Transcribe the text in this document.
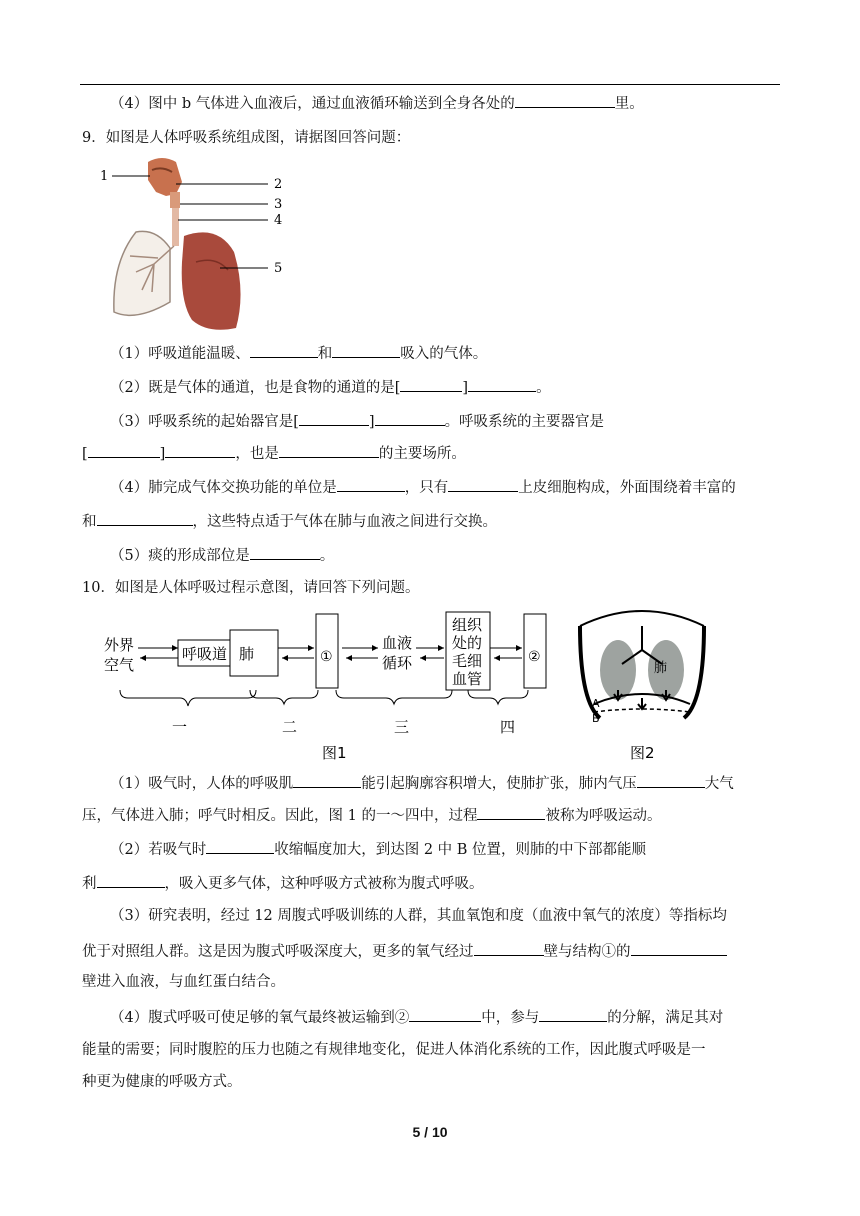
（4）图中 b 气体进入血液后，通过血液循环输送到全身各处的	里。
9．如图是人体呼吸系统组成图，请据图回答问题：
1
2
3
4
5
（1）呼吸道能温暖、	和	吸入的气体。
（2）既是气体的通道，也是食物的通道的是[	]	。
（3）呼吸系统的起始器官是[	]	。呼吸系统的主要器官是
[	]	，也是	的主要场所。
（4）肺完成气体交换功能的单位是	，只有	上皮细胞构成，外面围绕着丰富的
和	，这些特点适于气体在肺与血液之间进行交换。
（5）痰的形成部位是	。
10．如图是人体呼吸过程示意图，请回答下列问题。
外界
空气
呼吸道 肺	①
血液
循环
组织
处的
毛细
血管
②
一	二	三	四
图1
肺
A
B
图2
（1）吸气时，人体的呼吸肌	能引起胸廓容积增大，使肺扩张，肺内气压	大气
压，气体进入肺；呼气时相反。因此，图 1 的一～四中，过程	被称为呼吸运动。
（2）若吸气时	收缩幅度加大，到达图 2 中 B 位置，则肺的中下部都能顺
利	，吸入更多气体，这种呼吸方式被称为腹式呼吸。
（3）研究表明，经过 12 周腹式呼吸训练的人群，其血氧饱和度（血液中氧气的浓度）等指标均
优于对照组人群。这是因为腹式呼吸深度大，更多的氧气经过	壁与结构①的
壁进入血液，与血红蛋白结合。
（4）腹式呼吸可使足够的氧气最终被运输到②	中，参与	的分解，满足其对
能量的需要；同时腹腔的压力也随之有规律地变化，促进人体消化系统的工作，因此腹式呼吸是一
种更为健康的呼吸方式。
5 / 10
